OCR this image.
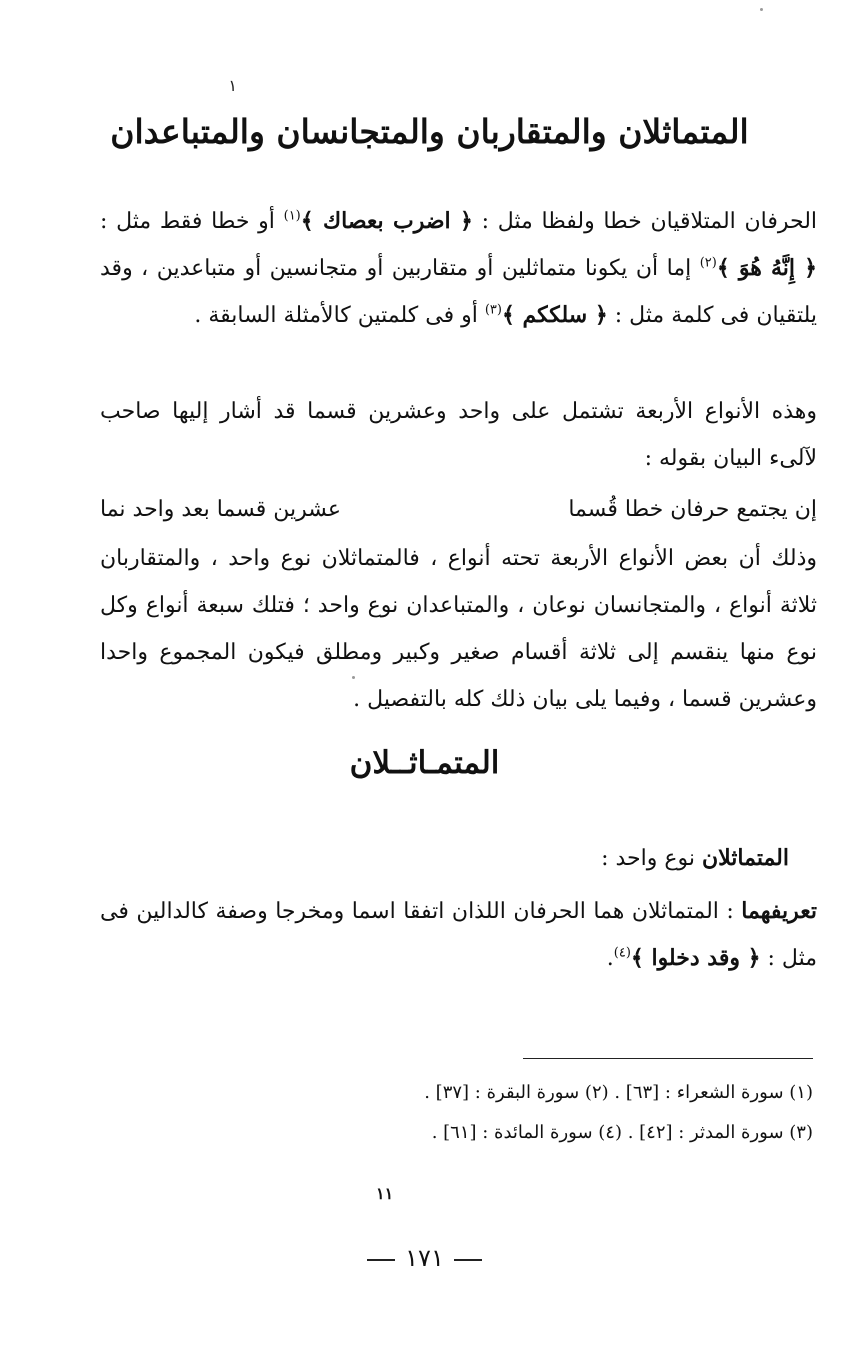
١
المتماثلان والمتقاربان والمتجانسان والمتباعدان

الحرفان المتلاقيان خطا ولفظا مثل : ﴿ اضرب بعصاك ﴾$^{(١)}$ أو خطا فقط مثل : ﴿ إِنَّهُ هُوَ ﴾$^{(٢)}$ إما أن يكونا متماثلين أو متقاربين أو متجانسين أو متباعدين ، وقد يلتقيان فى كلمة مثل : ﴿ سلككم ﴾$^{(٣)}$ أو فى كلمتين كالأمثلة السابقة .

وهذه الأنواع الأربعة تشتمل على واحد وعشرين قسما قد أشار إليها صاحب لآلىء البيان بقوله :

إن يجتمع حرفان خطا قُسما
عشرين قسما بعد واحد نما

وذلك أن بعض الأنواع الأربعة تحته أنواع ، فالمتماثلان نوع واحد ، والمتقاربان ثلاثة أنواع ، والمتجانسان نوعان ، والمتباعدان نوع واحد ؛ فتلك سبعة أنواع وكل نوع منها ينقسم إلى ثلاثة أقسام صغير وكبير ومطلق فيكون المجموع واحدا وعشرين قسما ، وفيما يلى بيان ذلك كله بالتفصيل .

المتمـاثــلان
المتماثلان نوع واحد :

تعريفهما : المتماثلان هما الحرفان اللذان اتفقا اسما ومخرجا وصفة كالدالين فى مثل : ﴿ وقد دخلوا ﴾$^{(٤)}$.

(١) سورة الشعراء : [٦٣] . (٢) سورة البقرة : [٣٧] .
(٣) سورة المدثر : [٤٢] . (٤) سورة المائدة : [٦١] .
١١
١٧١
